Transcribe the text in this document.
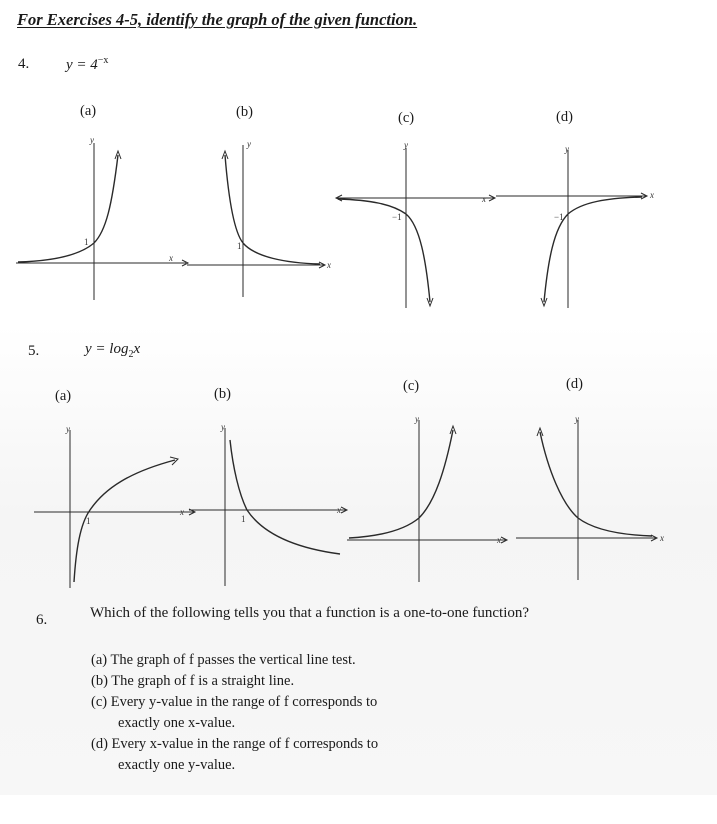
For Exercises 4-5, identify the graph of the given function.
4. $y = 4^{-x}$
(a)	(b)	(c)	(d)
x
y
1
x
y
1
x
y
−1
x
y
−1
5.	$y = \log_2x$
(a)	(b)	(c)	(d)
x
y
1
x
y
1
x
y
x
y
6.	Which of the following tells you that a function is a one-to-one function?
(a) The graph of f passes the vertical line test.
(b) The graph of f is a straight line.
(c) Every y-value in the range of f corresponds to
exactly one x-value.
(d) Every x-value in the range of f corresponds to
exactly one y-value.
